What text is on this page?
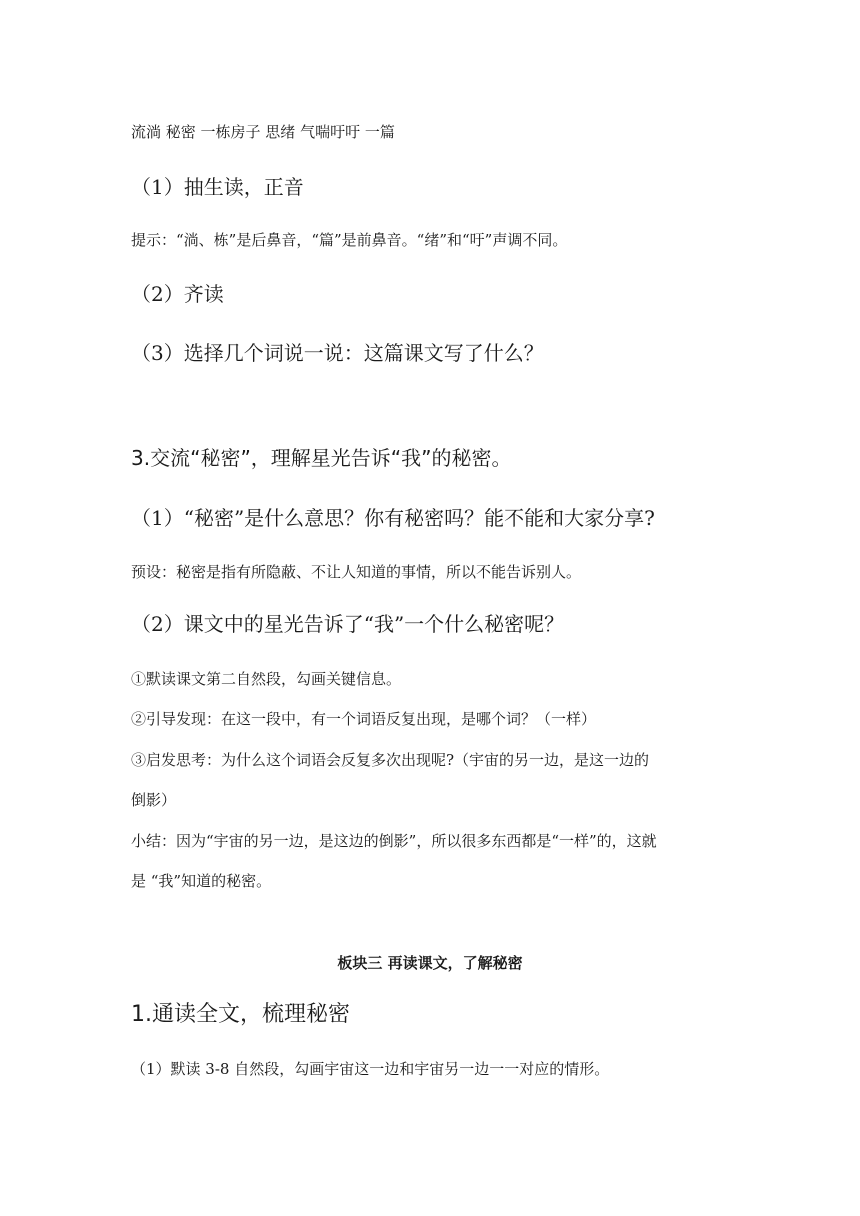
流淌 秘密 一栋房子 思绪 气喘吁吁 一篇
（1）抽生读，正音
提示：“淌、栋”是后鼻音，“篇”是前鼻音。“绪”和“吁”声调不同。
（2）齐读
（3）选择几个词说一说：这篇课文写了什么？
3.交流“秘密”，理解星光告诉“我”的秘密。
（1）“秘密”是什么意思？你有秘密吗？能不能和大家分享?
预设：秘密是指有所隐蔽、不让人知道的事情，所以不能告诉别人。
（2）课文中的星光告诉了“我”一个什么秘密呢？
①默读课文第二自然段，勾画关键信息。
②引导发现：在这一段中，有一个词语反复出现，是哪个词？（一样）
③启发思考：为什么这个词语会反复多次出现呢?（宇宙的另一边，是这一边的
倒影）
小结：因为“宇宙的另一边，是这边的倒影”，所以很多东西都是“一样”的，这就
是 “我”知道的秘密。
板块三 再读课文，了解秘密
1.通读全文，梳理秘密
（1）默读 3-8 自然段，勾画宇宙这一边和宇宙另一边一一对应的情形。
